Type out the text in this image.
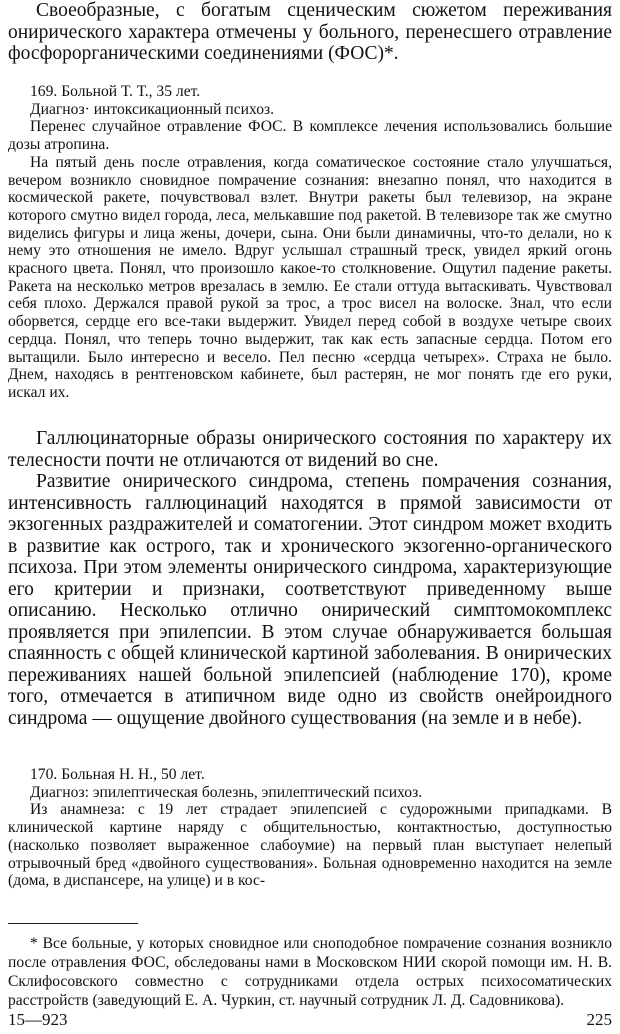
Своеобразные, с богатым сценическим сюжетом переживания онирического характера отмечены у больного, перенесшего отравление фосфорорганическими соединениями (ФОС)*.

169. Больной Т. Т., 35 лет.

Диагноз· интоксикационный психоз.

Перенес случайное отравление ФОС. В комплексе лечения использовались большие дозы атропина.

На пятый день после отравления, когда соматическое состояние стало улучшаться, вечером возникло сновидное помрачение сознания: внезапно понял, что находится в космической ракете, почувствовал взлет. Внутри ракеты был телевизор, на экране которого смутно видел города, леса, мелькавшие под ракетой. В телевизоре так же смутно виделись фигуры и лица жены, дочери, сына. Они были динамичны, что-то делали, но к нему это отношения не имело. Вдруг услышал страшный треск, увидел яркий огонь красного цвета. Понял, что произошло какое-то столкновение. Ощутил падение ракеты. Ракета на несколько метров врезалась в землю. Ее стали оттуда вытаскивать. Чувствовал себя плохо. Держался правой рукой за трос, а трос висел на волоске. Знал, что если оборвется, сердце его все-таки выдержит. Увидел перед собой в воздухе четыре своих сердца. Понял, что теперь точно выдержит, так как есть запасные сердца. Потом его вытащили. Было интересно и весело. Пел песню «сердца четырех». Страха не было. Днем, находясь в рентгеновском кабинете, был растерян, не мог понять где его руки, искал их.

Галлюцинаторные образы онирического состояния по характеру их телесности почти не отличаются от видений во сне.

Развитие онирического синдрома, степень помрачения сознания, интенсивность галлюцинаций находятся в прямой зависимости от экзогенных раздражителей и соматогении. Этот синдром может входить в развитие как острого, так и хронического экзогенно-органического психоза. При этом элементы онирического синдрома, характеризующие его критерии и признаки, соответствуют приведенному выше описанию. Несколько отлично онирический симптомокомплекс проявляется при эпилепсии. В этом случае обнаруживается большая спаянность с общей клинической картиной заболевания. В онирических переживаниях нашей больной эпилепсией (наблюдение 170), кроме того, отмечается в атипичном виде одно из свойств онейроидного синдрома — ощущение двойного существования (на земле и в небе).

170. Больная Н. Н., 50 лет.

Диагноз: эпилептическая болезнь, эпилептический психоз.

Из анамнеза: с 19 лет страдает эпилепсией с судорожными припадками. В клинической картине наряду с общительностью, контактностью, доступностью (насколько позволяет выраженное слабоумие) на первый план выступает нелепый отрывочный бред «двойного существования». Больная одновременно находится на земле (дома, в диспансере, на улице) и в кос-

* Все больные, у которых сновидное или сноподобное помрачение сознания возникло после отравления ФОС, обследованы нами в Московском НИИ скорой помощи им. Н. В. Склифосовского совместно с сотрудниками отдела острых психосоматических расстройств (заведующий Е. А. Чуркин, ст. научный сотрудник Л. Д. Садовникова).

15—923	225
